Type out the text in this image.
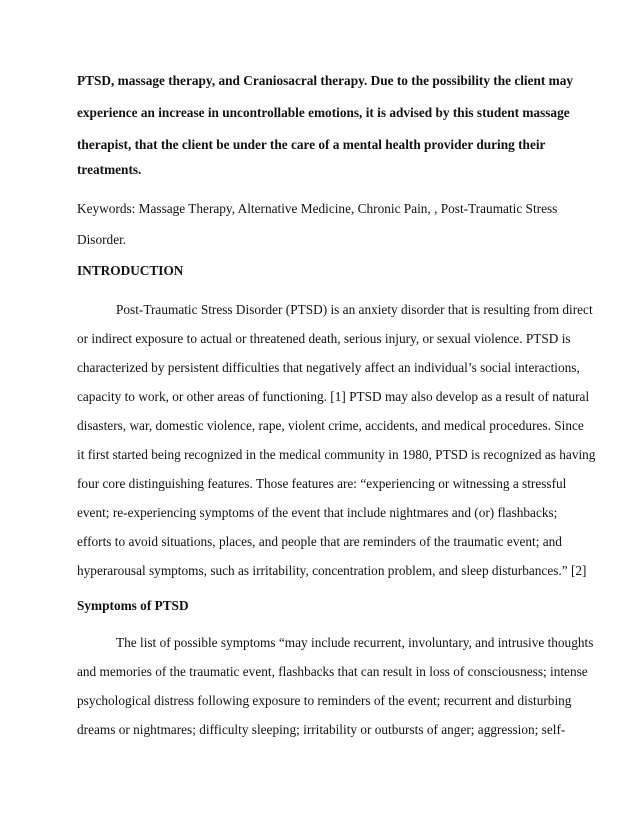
PTSD, massage therapy, and Craniosacral therapy. Due to the possibility the client may
experience an increase in uncontrollable emotions, it is advised by this student massage
therapist, that the client be under the care of a mental health provider during their
treatments.
Keywords: Massage Therapy, Alternative Medicine, Chronic Pain, , Post-Traumatic Stress
Disorder.
INTRODUCTION
Post-Traumatic Stress Disorder (PTSD) is an anxiety disorder that is resulting from direct
or indirect exposure to actual or threatened death, serious injury, or sexual violence. PTSD is
characterized by persistent difficulties that negatively affect an individual’s social interactions,
capacity to work, or other areas of functioning. [1] PTSD may also develop as a result of natural
disasters, war, domestic violence, rape, violent crime, accidents, and medical procedures. Since
it first started being recognized in the medical community in 1980, PTSD is recognized as having
four core distinguishing features. Those features are: “experiencing or witnessing a stressful
event; re-experiencing symptoms of the event that include nightmares and (or) flashbacks;
efforts to avoid situations, places, and people that are reminders of the traumatic event; and
hyperarousal symptoms, such as irritability, concentration problem, and sleep disturbances.” [2]
Symptoms of PTSD
The list of possible symptoms “may include recurrent, involuntary, and intrusive thoughts
and memories of the traumatic event, flashbacks that can result in loss of consciousness; intense
psychological distress following exposure to reminders of the event; recurrent and disturbing
dreams or nightmares; difficulty sleeping; irritability or outbursts of anger; aggression; self-
